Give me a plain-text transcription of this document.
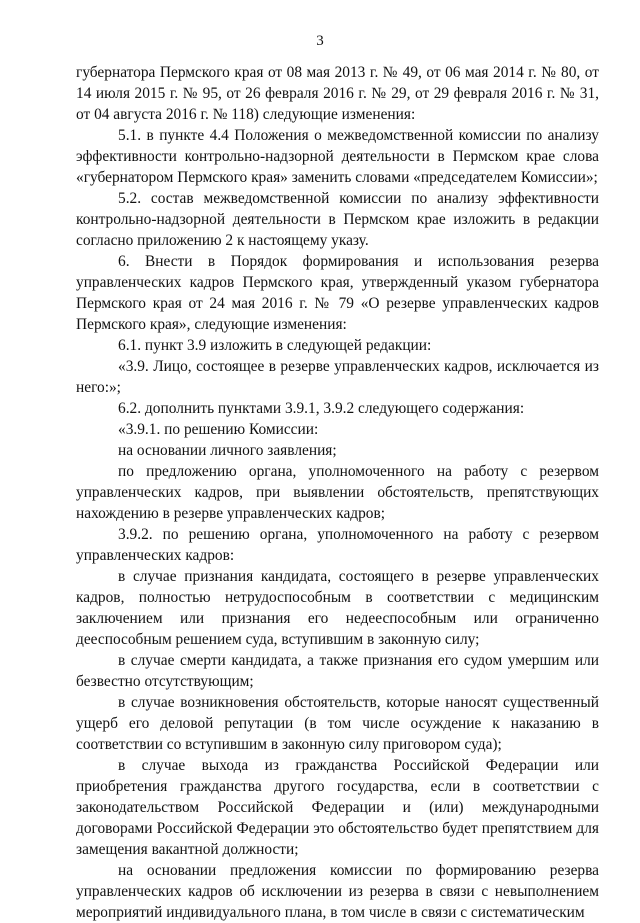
3

губернатора Пермского края от 08 мая 2013 г. № 49, от 06 мая 2014 г. № 80, от 14 июля 2015 г. № 95, от 26 февраля 2016 г. № 29, от 29 февраля 2016 г. № 31, от 04 августа 2016 г. № 118) следующие изменения:

5.1. в пункте 4.4 Положения о межведомственной комиссии по анализу эффективности контрольно-надзорной деятельности в Пермском крае слова «губернатором Пермского края» заменить словами «председателем Комиссии»;

5.2. состав межведомственной комиссии по анализу эффективности контрольно-надзорной деятельности в Пермском крае изложить в редакции согласно приложению 2 к настоящему указу.

6. Внести в Порядок формирования и использования резерва управленческих кадров Пермского края, утвержденный указом губернатора Пермского края от 24 мая 2016 г. № 79 «О резерве управленческих кадров Пермского края», следующие изменения:

6.1. пункт 3.9 изложить в следующей редакции:

«3.9. Лицо, состоящее в резерве управленческих кадров, исключается из него:»;

6.2. дополнить пунктами 3.9.1, 3.9.2 следующего содержания:

«3.9.1. по решению Комиссии:

на основании личного заявления;

по предложению органа, уполномоченного на работу с резервом управленческих кадров, при выявлении обстоятельств, препятствующих нахождению в резерве управленческих кадров;

3.9.2. по решению органа, уполномоченного на работу с резервом управленческих кадров:

в случае признания кандидата, состоящего в резерве управленческих кадров, полностью нетрудоспособным в соответствии с медицинским заключением или признания его недееспособным или ограниченно дееспособным решением суда, вступившим в законную силу;

в случае смерти кандидата, а также признания его судом умершим или безвестно отсутствующим;

в случае возникновения обстоятельств, которые наносят существенный ущерб его деловой репутации (в том числе осуждение к наказанию в соответствии со вступившим в законную силу приговором суда);

в случае выхода из гражданства Российской Федерации или приобретения гражданства другого государства, если в соответствии с законодательством Российской Федерации и (или) международными договорами Российской Федерации это обстоятельство будет препятствием для замещения вакантной должности;

на основании предложения комиссии по формированию резерва управленческих кадров об исключении из резерва в связи с невыполнением мероприятий индивидуального плана, в том числе в связи с систематическим
